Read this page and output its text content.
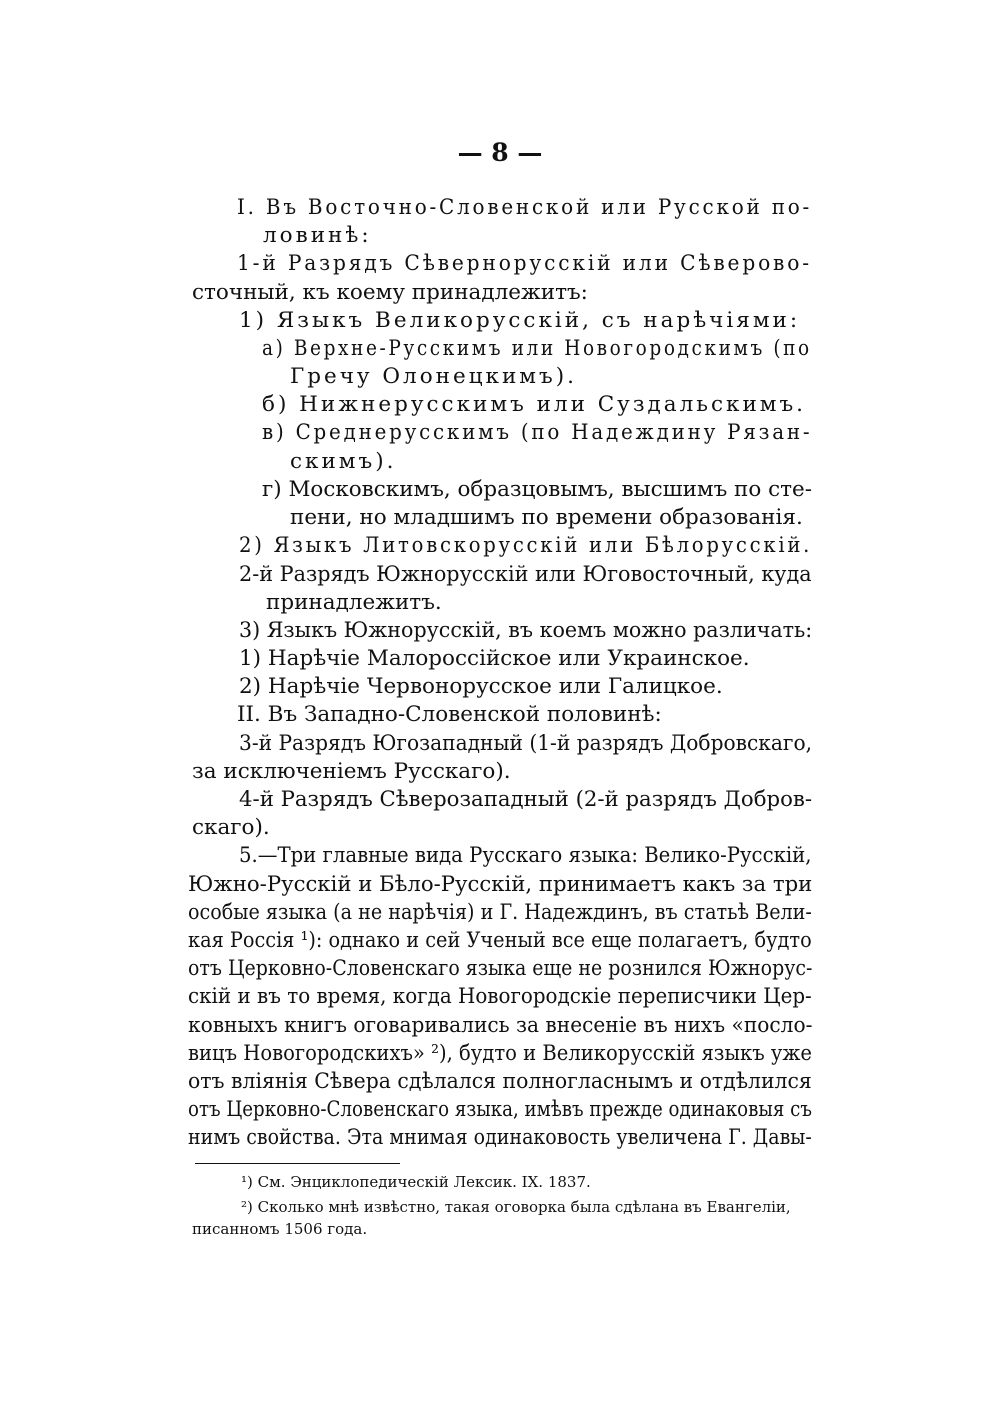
— 8 —
I. Въ Восточно-Словенской или Русской по-
ловинѣ:
1-й Разрядъ Сѣвернорусскій или Сѣверово-
сточный, къ коему принадлежитъ:
1) Языкъ Великорусскій, съ нарѣчіями:
а) Верхне-Русскимъ или Новогородскимъ (по
Гречу Олонецкимъ).
б) Нижнерусскимъ или Суздальскимъ.
в) Среднерусскимъ (по Надеждину Рязан-
скимъ).
г) Московскимъ, образцовымъ, высшимъ по сте-
пени, но младшимъ по времени образованія.
2) Языкъ Литовскорусскій или Бѣлорусскій.
2-й Разрядъ Южнорусскій или Юговосточный, куда
принадлежитъ.
3) Языкъ Южнорусскій, въ коемъ можно различать:
1) Нарѣчіе Малороссійское или Украинское.
2) Нарѣчіе Червонорусское или Галицкое.
II. Въ Западно-Словенской половинѣ:
3-й Разрядъ Югозападный (1-й разрядъ Добровскаго,
за исключеніемъ Русскаго).
4-й Разрядъ Сѣверозападный (2-й разрядъ Добров-
скаго).
5.—Три главные вида Русскаго языка: Велико-Русскій,
Южно-Русскій и Бѣло-Русскій, принимаетъ какъ за три
особые языка (а не нарѣчія) и Г. Надеждинъ, въ статьѣ Вели-
кая Россія ¹): однако и сей Ученый все еще полагаетъ, будто
отъ Церковно-Словенскаго языка еще не рознился Южнорус-
скій и въ то время, когда Новогородскіе переписчики Цер-
ковныхъ книгъ оговаривались за внесеніе въ нихъ «посло-
вицъ Новогородскихъ» ²), будто и Великорусскій языкъ уже
отъ вліянія Сѣвера сдѣлался полногласнымъ и отдѣлился
отъ Церковно-Словенскаго языка, имѣвъ прежде одинаковыя съ
нимъ свойства. Эта мнимая одинаковость увеличена Г. Давы-
¹) См. Энциклопедическій Лексик. IX. 1837.
²) Сколько мнѣ извѣстно, такая оговорка была сдѣлана въ Евангеліи,
писанномъ 1506 года.
